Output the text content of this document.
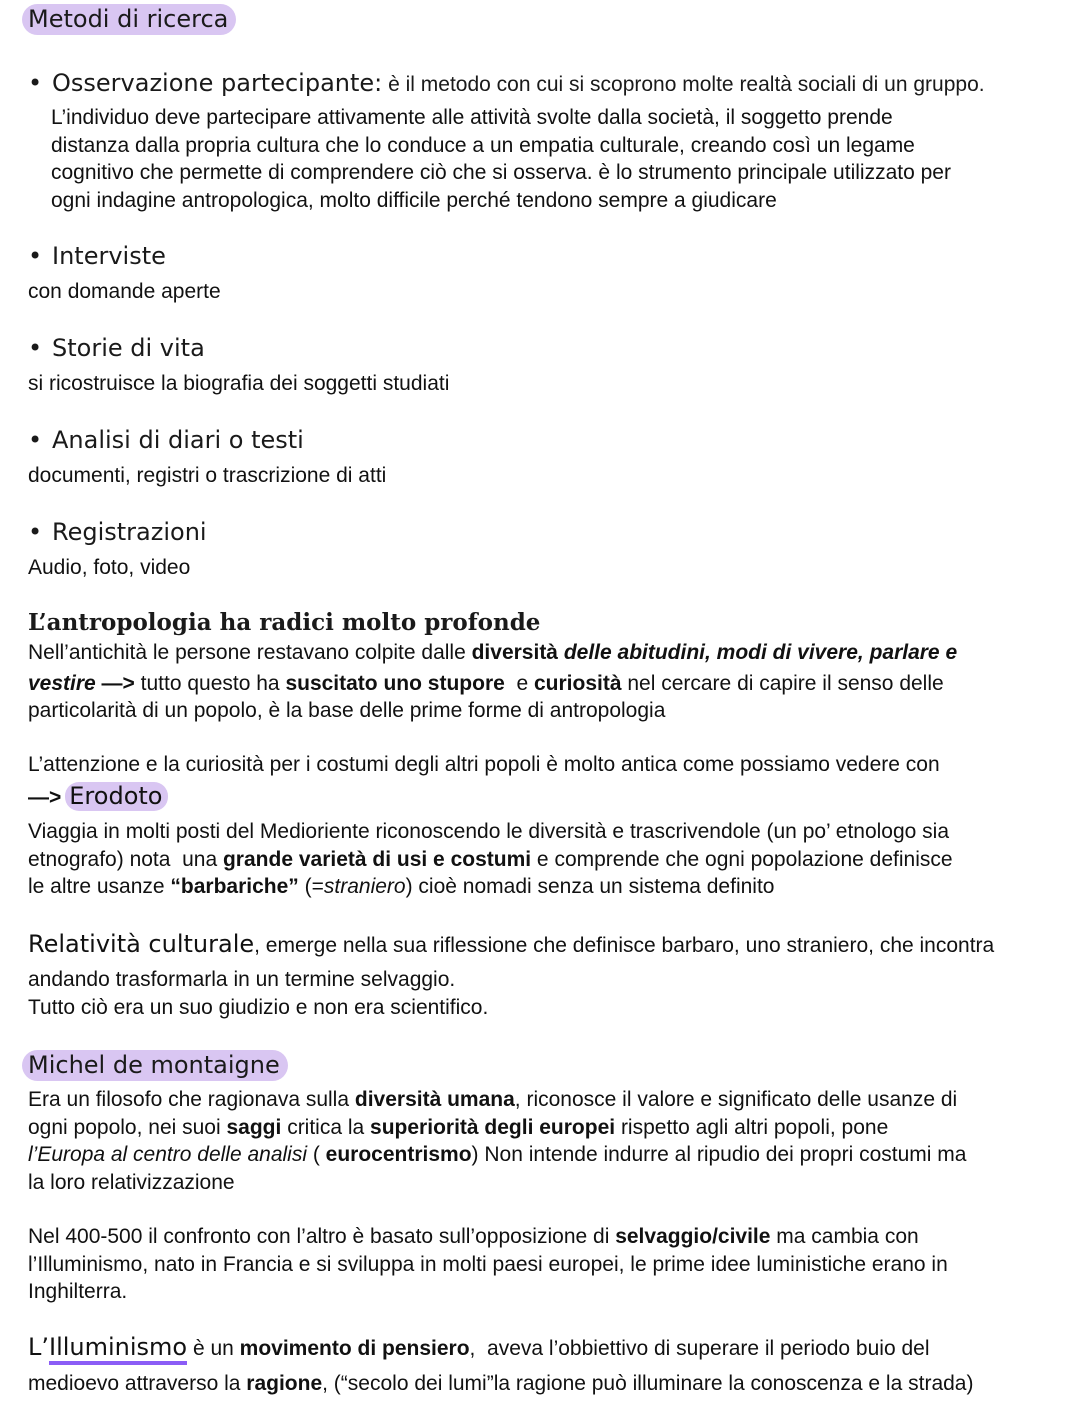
Metodi di ricerca
• Osservazione partecipante: è il metodo con cui si scoprono molte realtà sociali di un gruppo.
L’individuo deve partecipare attivamente alle attività svolte dalla società, il soggetto prende
distanza dalla propria cultura che lo conduce a un empatia culturale, creando così un legame
cognitivo che permette di comprendere ciò che si osserva. è lo strumento principale utilizzato per
ogni indagine antropologica, molto difficile perché tendono sempre a giudicare
• Interviste
con domande aperte
• Storie di vita
si ricostruisce la biografia dei soggetti studiati
• Analisi di diari o testi
documenti, registri o trascrizione di atti
• Registrazioni
Audio, foto, video
L’antropologia ha radici molto profonde
Nell’antichità le persone restavano colpite dalle diversità delle abitudini, modi di vivere, parlare e
vestire —> tutto questo ha suscitato uno stupore  e curiosità nel cercare di capire il senso delle
particolarità di un popolo, è la base delle prime forme di antropologia
L’attenzione e la curiosità per i costumi degli altri popoli è molto antica come possiamo vedere con
—> Erodoto
Viaggia in molti posti del Medioriente riconoscendo le diversità e trascrivendole (un po’ etnologo sia
etnografo) nota  una grande varietà di usi e costumi e comprende che ogni popolazione definisce
le altre usanze “barbariche” (=straniero) cioè nomadi senza un sistema definito
Relatività culturale, emerge nella sua riflessione che definisce barbaro, uno straniero, che incontra
andando trasformarla in un termine selvaggio.
Tutto ciò era un suo giudizio e non era scientifico.
Michel de montaigne
Era un filosofo che ragionava sulla diversità umana, riconosce il valore e significato delle usanze di
ogni popolo, nei suoi saggi critica la superiorità degli europei rispetto agli altri popoli, pone
l’Europa al centro delle analisi ( eurocentrismo) Non intende indurre al ripudio dei propri costumi ma
la loro relativizzazione
Nel 400-500 il confronto con l’altro è basato sull’opposizione di selvaggio/civile ma cambia con
l’Illuminismo, nato in Francia e si sviluppa in molti paesi europei, le prime idee luministiche erano in
Inghilterra.
L’Illuminismo è un movimento di pensiero,  aveva l’obbiettivo di superare il periodo buio del
medioevo attraverso la ragione, (“secolo dei lumi”la ragione può illuminare la conoscenza e la strada)
